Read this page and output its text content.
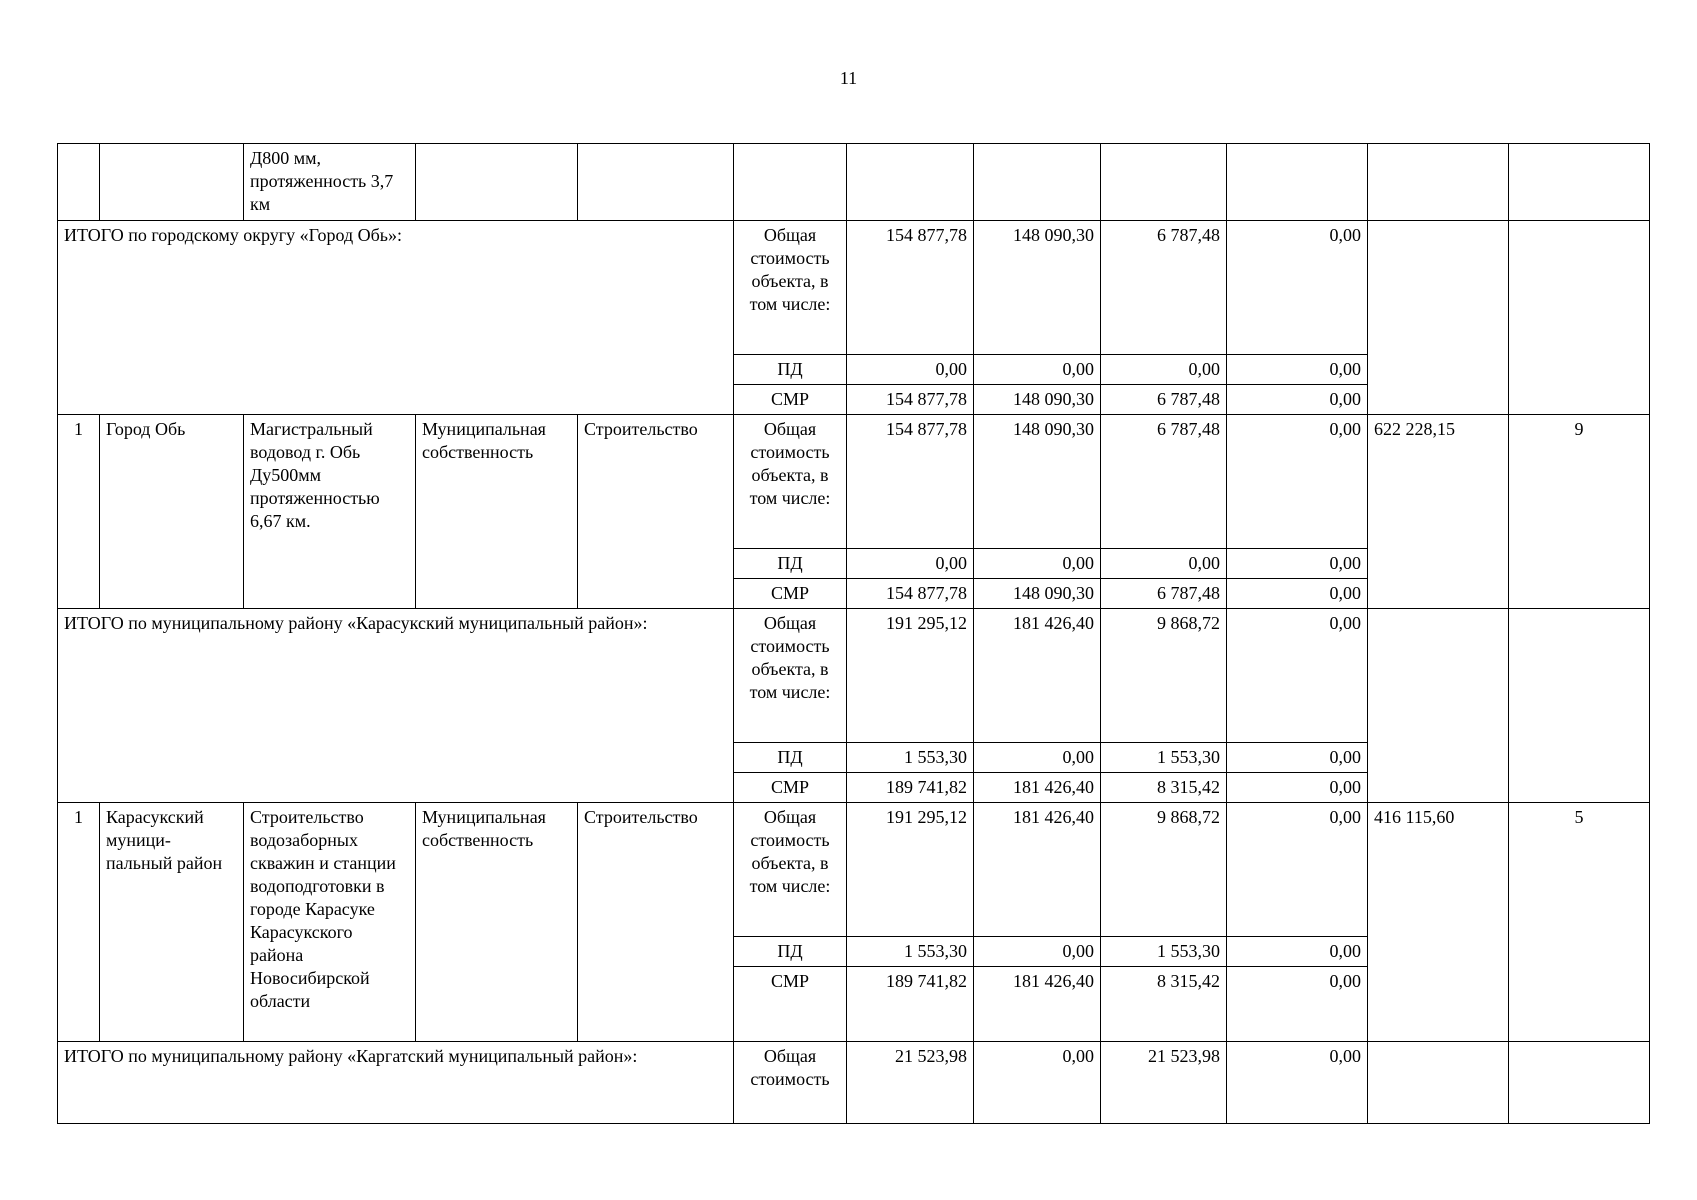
11
		Д800 мм, протяженность 3,7 км									
ИТОГО по городскому округу «Город Обь»:					Общая стоимость объекта, в том числе:	154 877,78	148 090,30	6 787,48	0,00		
					ПД	0,00	0,00	0,00	0,00		
					СМР	154 877,78	148 090,30	6 787,48	0,00		
1	Город Обь	Магистральный водовод г. Обь Ду500мм протяженностью 6,67 км.	Муниципальная собственность	Строительство	Общая стоимость объекта, в том числе:	154 877,78	148 090,30	6 787,48	0,00	622 228,15	9
					ПД	0,00	0,00	0,00	0,00		
					СМР	154 877,78	148 090,30	6 787,48	0,00		
ИТОГО по муниципальному району «Карасукский муниципальный район»:					Общая стоимость объекта, в том числе:	191 295,12	181 426,40	9 868,72	0,00		
					ПД	1 553,30	0,00	1 553,30	0,00		
					СМР	189 741,82	181 426,40	8 315,42	0,00		
1	Карасукский муници-пальный район	Строительство водозаборных скважин и станции водоподготовки в городе Карасуке Карасукского района Новосибирской области	Муниципальная собственность	Строительство	Общая стоимость объекта, в том числе:	191 295,12	181 426,40	9 868,72	0,00	416 115,60	5
					ПД	1 553,30	0,00	1 553,30	0,00		
					СМР	189 741,82	181 426,40	8 315,42	0,00		
ИТОГО по муниципальному району «Каргатский муниципальный район»:					Общая стоимость	21 523,98	0,00	21 523,98	0,00		
